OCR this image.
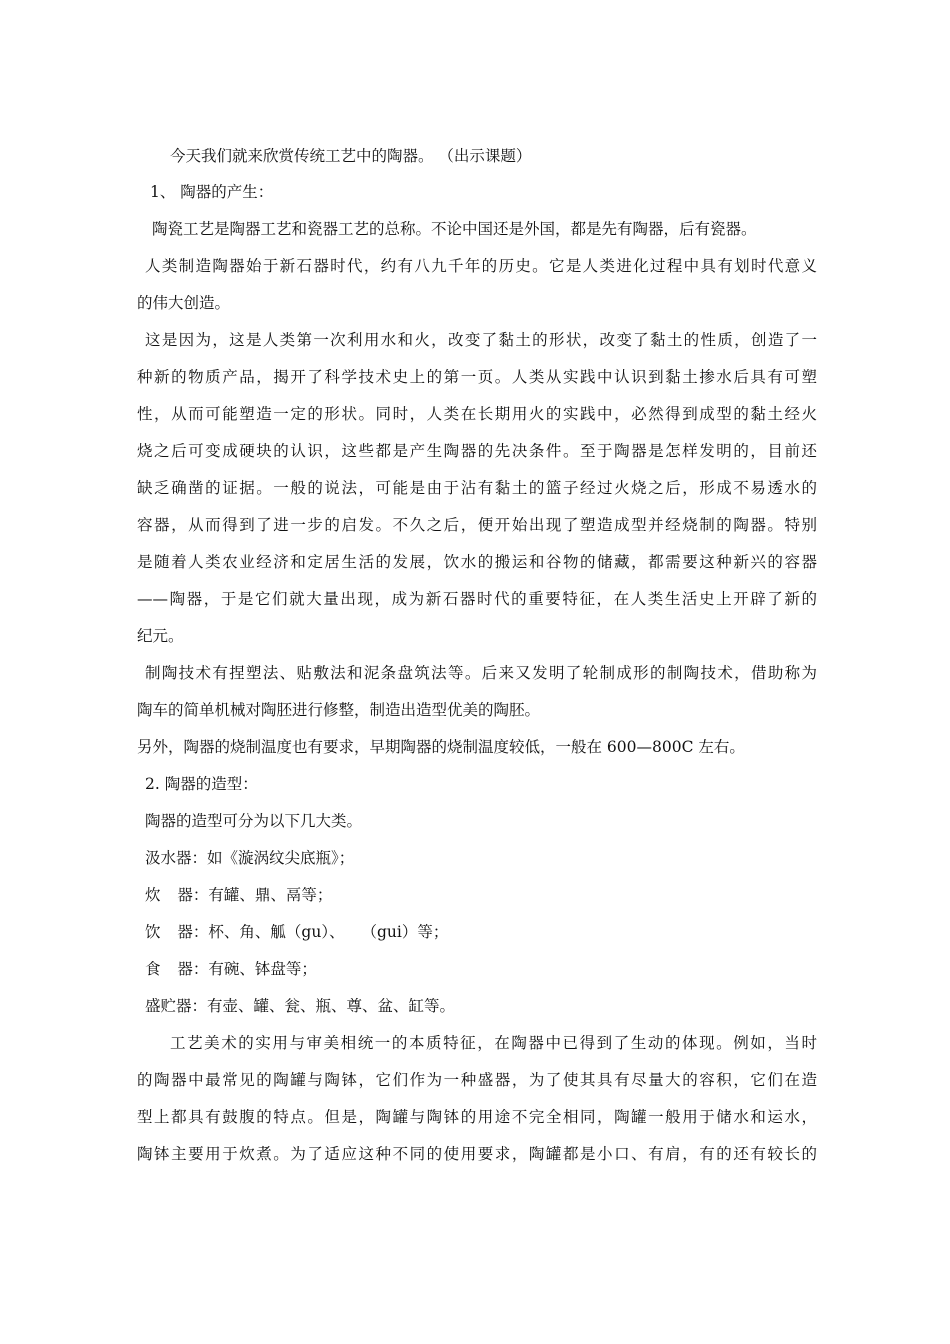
今天我们就来欣赏传统工艺中的陶器。 （出示课题）
1、 陶器的产生：
陶瓷工艺是陶器工艺和瓷器工艺的总称。不论中国还是外国，都是先有陶器，后有瓷器。
人类制造陶器始于新石器时代，约有八九千年的历史。它是人类进化过程中具有划时代意义
的伟大创造。
这是因为，这是人类第一次利用水和火，改变了黏土的形状，改变了黏土的性质，创造了一
种新的物质产品，揭开了科学技术史上的第一页。人类从实践中认识到黏土掺水后具有可塑
性，从而可能塑造一定的形状。同时，人类在长期用火的实践中，必然得到成型的黏土经火
烧之后可变成硬块的认识，这些都是产生陶器的先决条件。至于陶器是怎样发明的，目前还
缺乏确凿的证据。一般的说法，可能是由于沾有黏土的篮子经过火烧之后，形成不易透水的
容器，从而得到了进一步的启发。不久之后，便开始出现了塑造成型并经烧制的陶器。特别
是随着人类农业经济和定居生活的发展，饮水的搬运和谷物的储藏，都需要这种新兴的容器
——陶器，于是它们就大量出现，成为新石器时代的重要特征，在人类生活史上开辟了新的
纪元。
制陶技术有捏塑法、贴敷法和泥条盘筑法等。后来又发明了轮制成形的制陶技术，借助称为
陶车的简单机械对陶胚进行修整，制造出造型优美的陶胚。
另外，陶器的烧制温度也有要求，早期陶器的烧制温度较低，一般在 600—800C 左右。
2. 陶器的造型：
陶器的造型可分为以下几大类。
汲水器：如《漩涡纹尖底瓶》；
炊 器：有罐、鼎、鬲等；
饮 器：杯、角、觚（gu）、 （gui）等；
食 器：有碗、钵盘等；
盛贮器：有壶、罐、瓮、瓶、尊、盆、缸等。
工艺美术的实用与审美相统一的本质特征，在陶器中已得到了生动的体现。例如，当时
的陶器中最常见的陶罐与陶钵，它们作为一种盛器，为了使其具有尽量大的容积，它们在造
型上都具有鼓腹的特点。但是，陶罐与陶钵的用途不完全相同，陶罐一般用于储水和运水，
陶钵主要用于炊煮。为了适应这种不同的使用要求，陶罐都是小口、有肩，有的还有较长的
